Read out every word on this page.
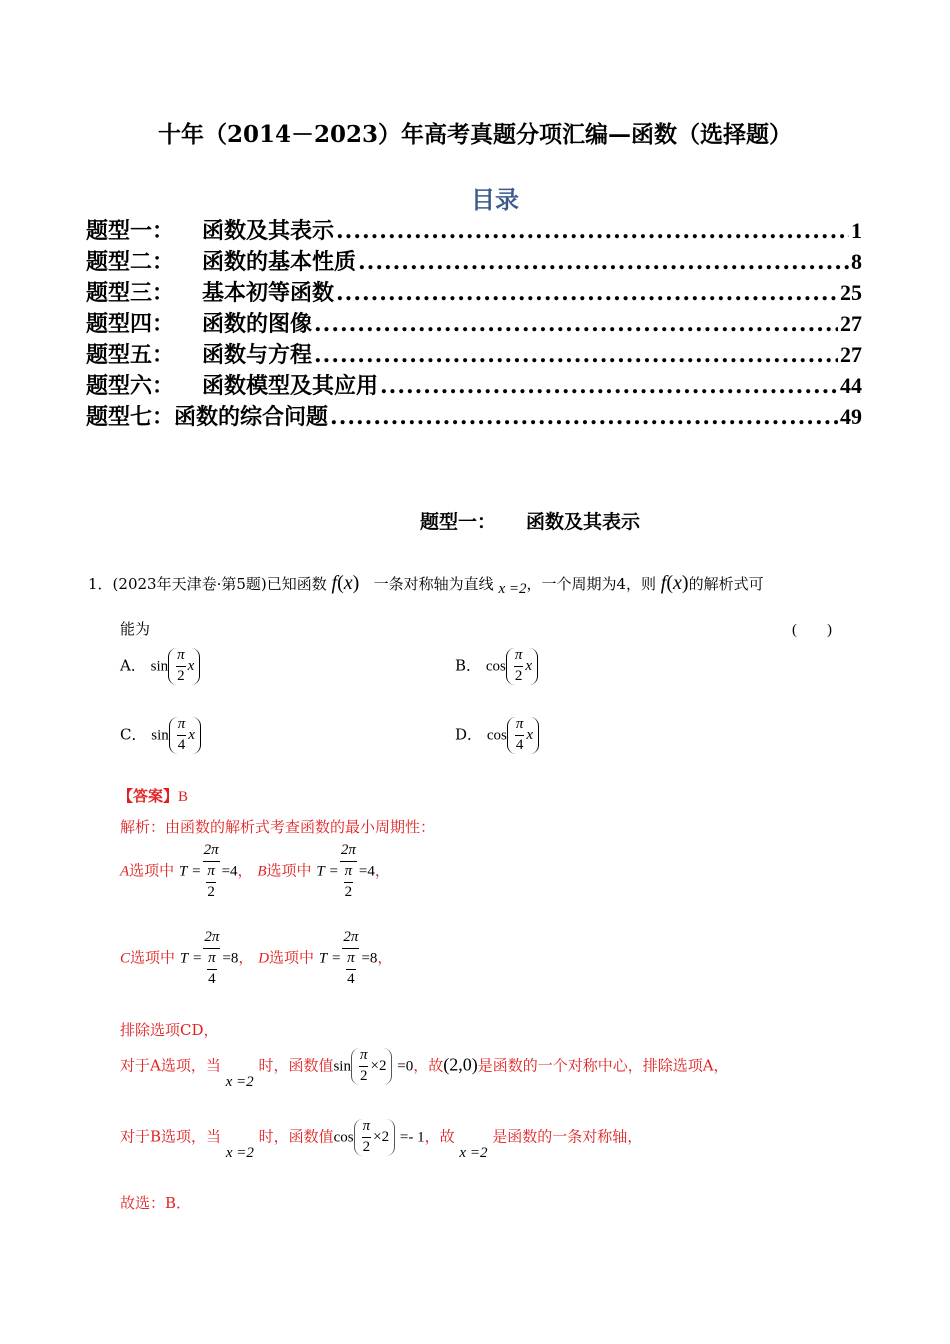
十年（2014－2023）年高考真题分项汇编—函数（选择题）
目录
题型一：	函数及其表示 .....	1
题型二：	函数的基本性质 .....	8
题型三：	基本初等函数 .....	25
题型四：	函数的图像 .....	27
题型五：	函数与方程 .....	27
题型六：	函数模型及其应用 .....	44
题型七： 函数的综合问题 .....	49
题型一： 函数及其表示
1．(2023年天津卷·第5题)已知函数 f(x) 一条对称轴为直线 x =2，一个周期为4，则 f(x)的解析式可
能为	(　　)
A． $\sin \frac{\pi}{2}$ x	B． $\cos \frac{\pi}{2}$ x
C． $\sin \frac{\pi}{4}$ x	D． $\cos \frac{\pi}{4}$ x
【答案】B
解析：由函数的解析式考查函数的最小周期性：
A选项中 $T = \frac{2\pi}{\frac{\pi}{2}} =4$， B选项中 $T = \frac{2\pi}{\frac{\pi}{2}} =4$，
C选项中 $T = \frac{2\pi}{\frac{\pi}{4}} =8$， D选项中 $T = \frac{2\pi}{\frac{\pi}{4}} =8$，
排除选项CD，
对于A选项，当 x =2 时，函数值$\sin \frac{\pi}{2} \times 2 =0$，故(2,0)是函数的一个对称中心，排除选项A，
对于B选项，当 x =2 时，函数值$\cos \frac{\pi}{2} \times 2 =- 1$，故 x =2 是函数的一条对称轴，
故选：B．
